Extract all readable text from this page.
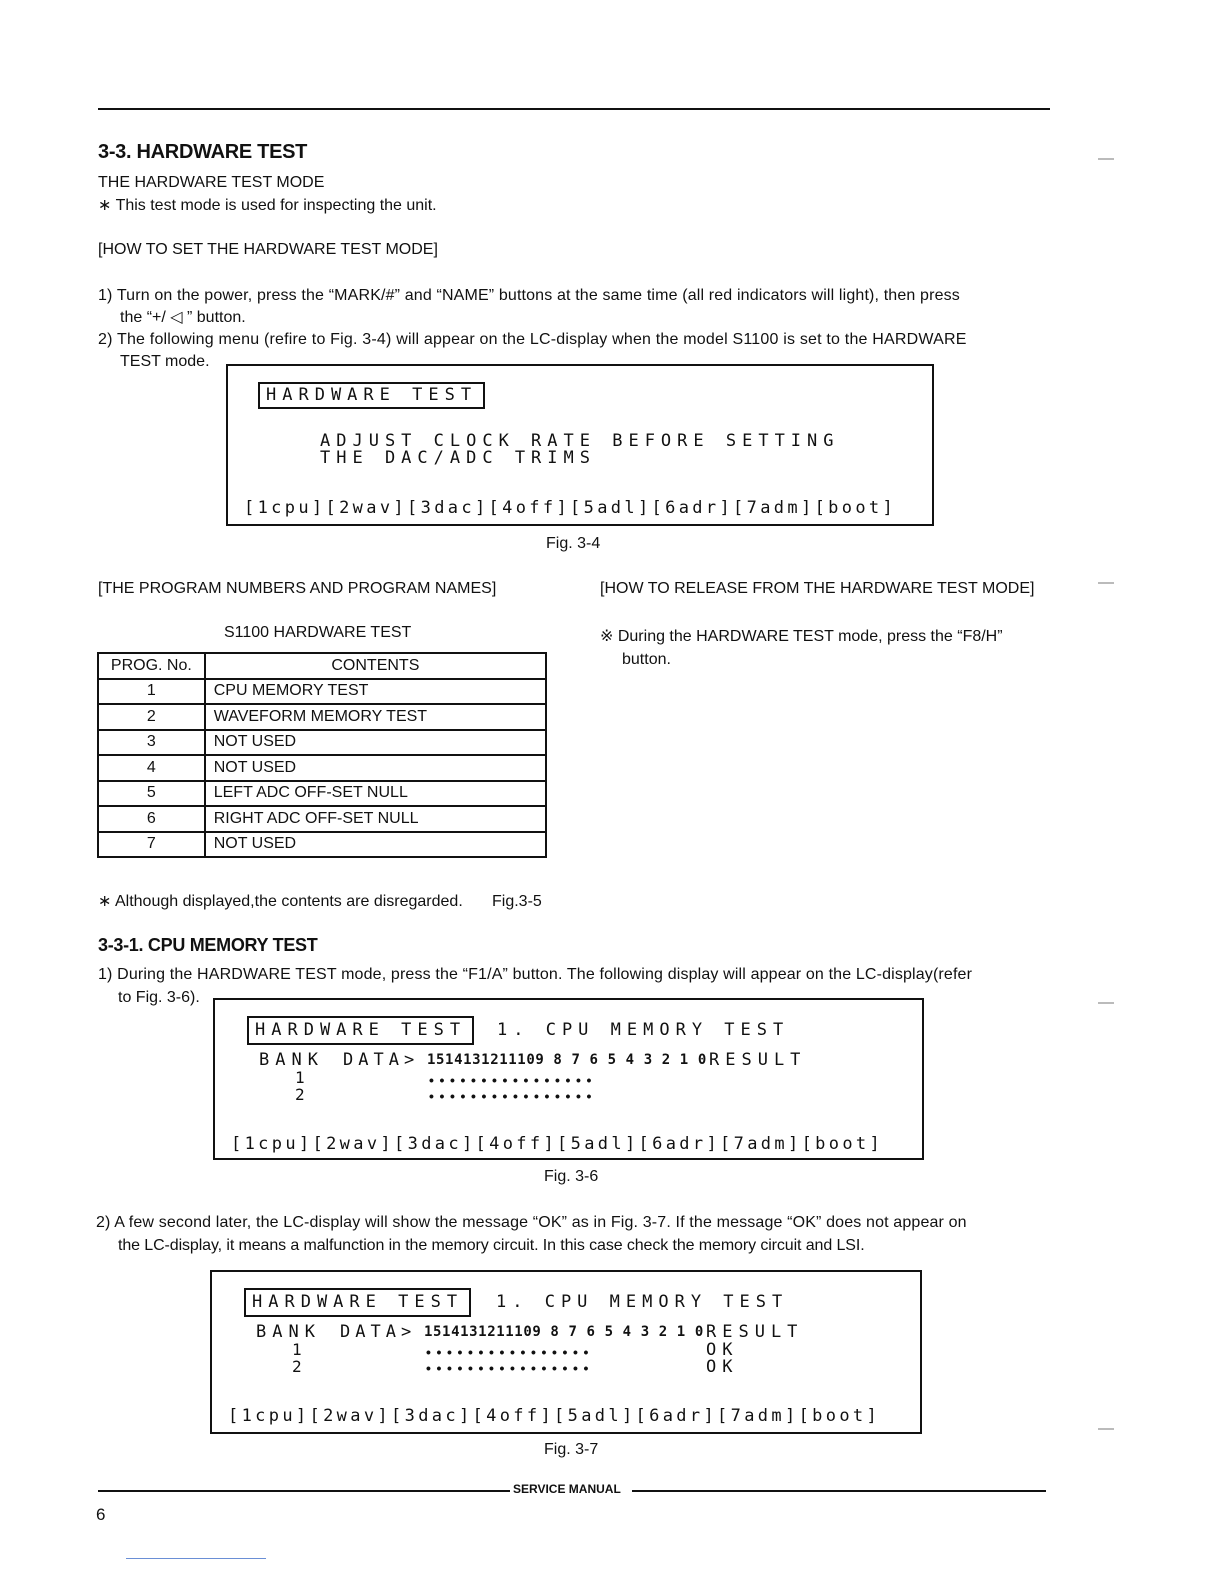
3-3. HARDWARE TEST
THE HARDWARE TEST MODE
∗ This test mode is used for inspecting the unit.
[HOW TO SET THE HARDWARE TEST MODE]
1) Turn on the power, press the “MARK/#” and “NAME” buttons at the same time (all red indicators will light), then press
the “+/ ◁ ” button.
2) The following menu (refire to Fig. 3-4) will appear on the LC-display when the model S1100 is set to the HARDWARE
TEST mode.
HARDWARE TEST
ADJUST CLOCK RATE BEFORE SETTING
THE DAC/ADC TRIMS
[1cpu][2wav][3dac][4off][5adl][6adr][7adm][boot]
Fig. 3-4
[THE PROGRAM NUMBERS AND PROGRAM NAMES]
S1100 HARDWARE TEST
PROG. No.	CONTENTS
1	CPU MEMORY TEST
2	WAVEFORM MEMORY TEST
3	NOT USED
4	NOT USED
5	LEFT ADC OFF-SET NULL
6	RIGHT ADC OFF-SET NULL
7	NOT USED
∗ Although displayed,the contents are disregarded. Fig.3-5
[HOW TO RELEASE FROM THE HARDWARE TEST MODE]
※ During the HARDWARE TEST mode, press the “F8/H”
button.
3-3-1. CPU MEMORY TEST
1) During the HARDWARE TEST mode, press the “F1/A” button. The following display will appear on the LC-display(refer
to Fig. 3-6).
HARDWARE TEST	1. CPU MEMORY TEST
BANK DATA> 1514131211109 8 7 6 5 4 3 2 1 0 RESULT
1	••••••••••••••••
2	••••••••••••••••
[1cpu][2wav][3dac][4off][5adl][6adr][7adm][boot]
Fig. 3-6
2) A few second later, the LC-display will show the message “OK” as in Fig. 3-7. If the message “OK” does not appear on
the LC-display, it means a malfunction in the memory circuit. In this case check the memory circuit and LSI.
HARDWARE TEST	1. CPU MEMORY TEST
BANK DATA> 1514131211109 8 7 6 5 4 3 2 1 0 RESULT
1	••••••••••••••••	OK
2	••••••••••••••••	OK
[1cpu][2wav][3dac][4off][5adl][6adr][7adm][boot]
Fig. 3-7
SERVICE MANUAL
6
